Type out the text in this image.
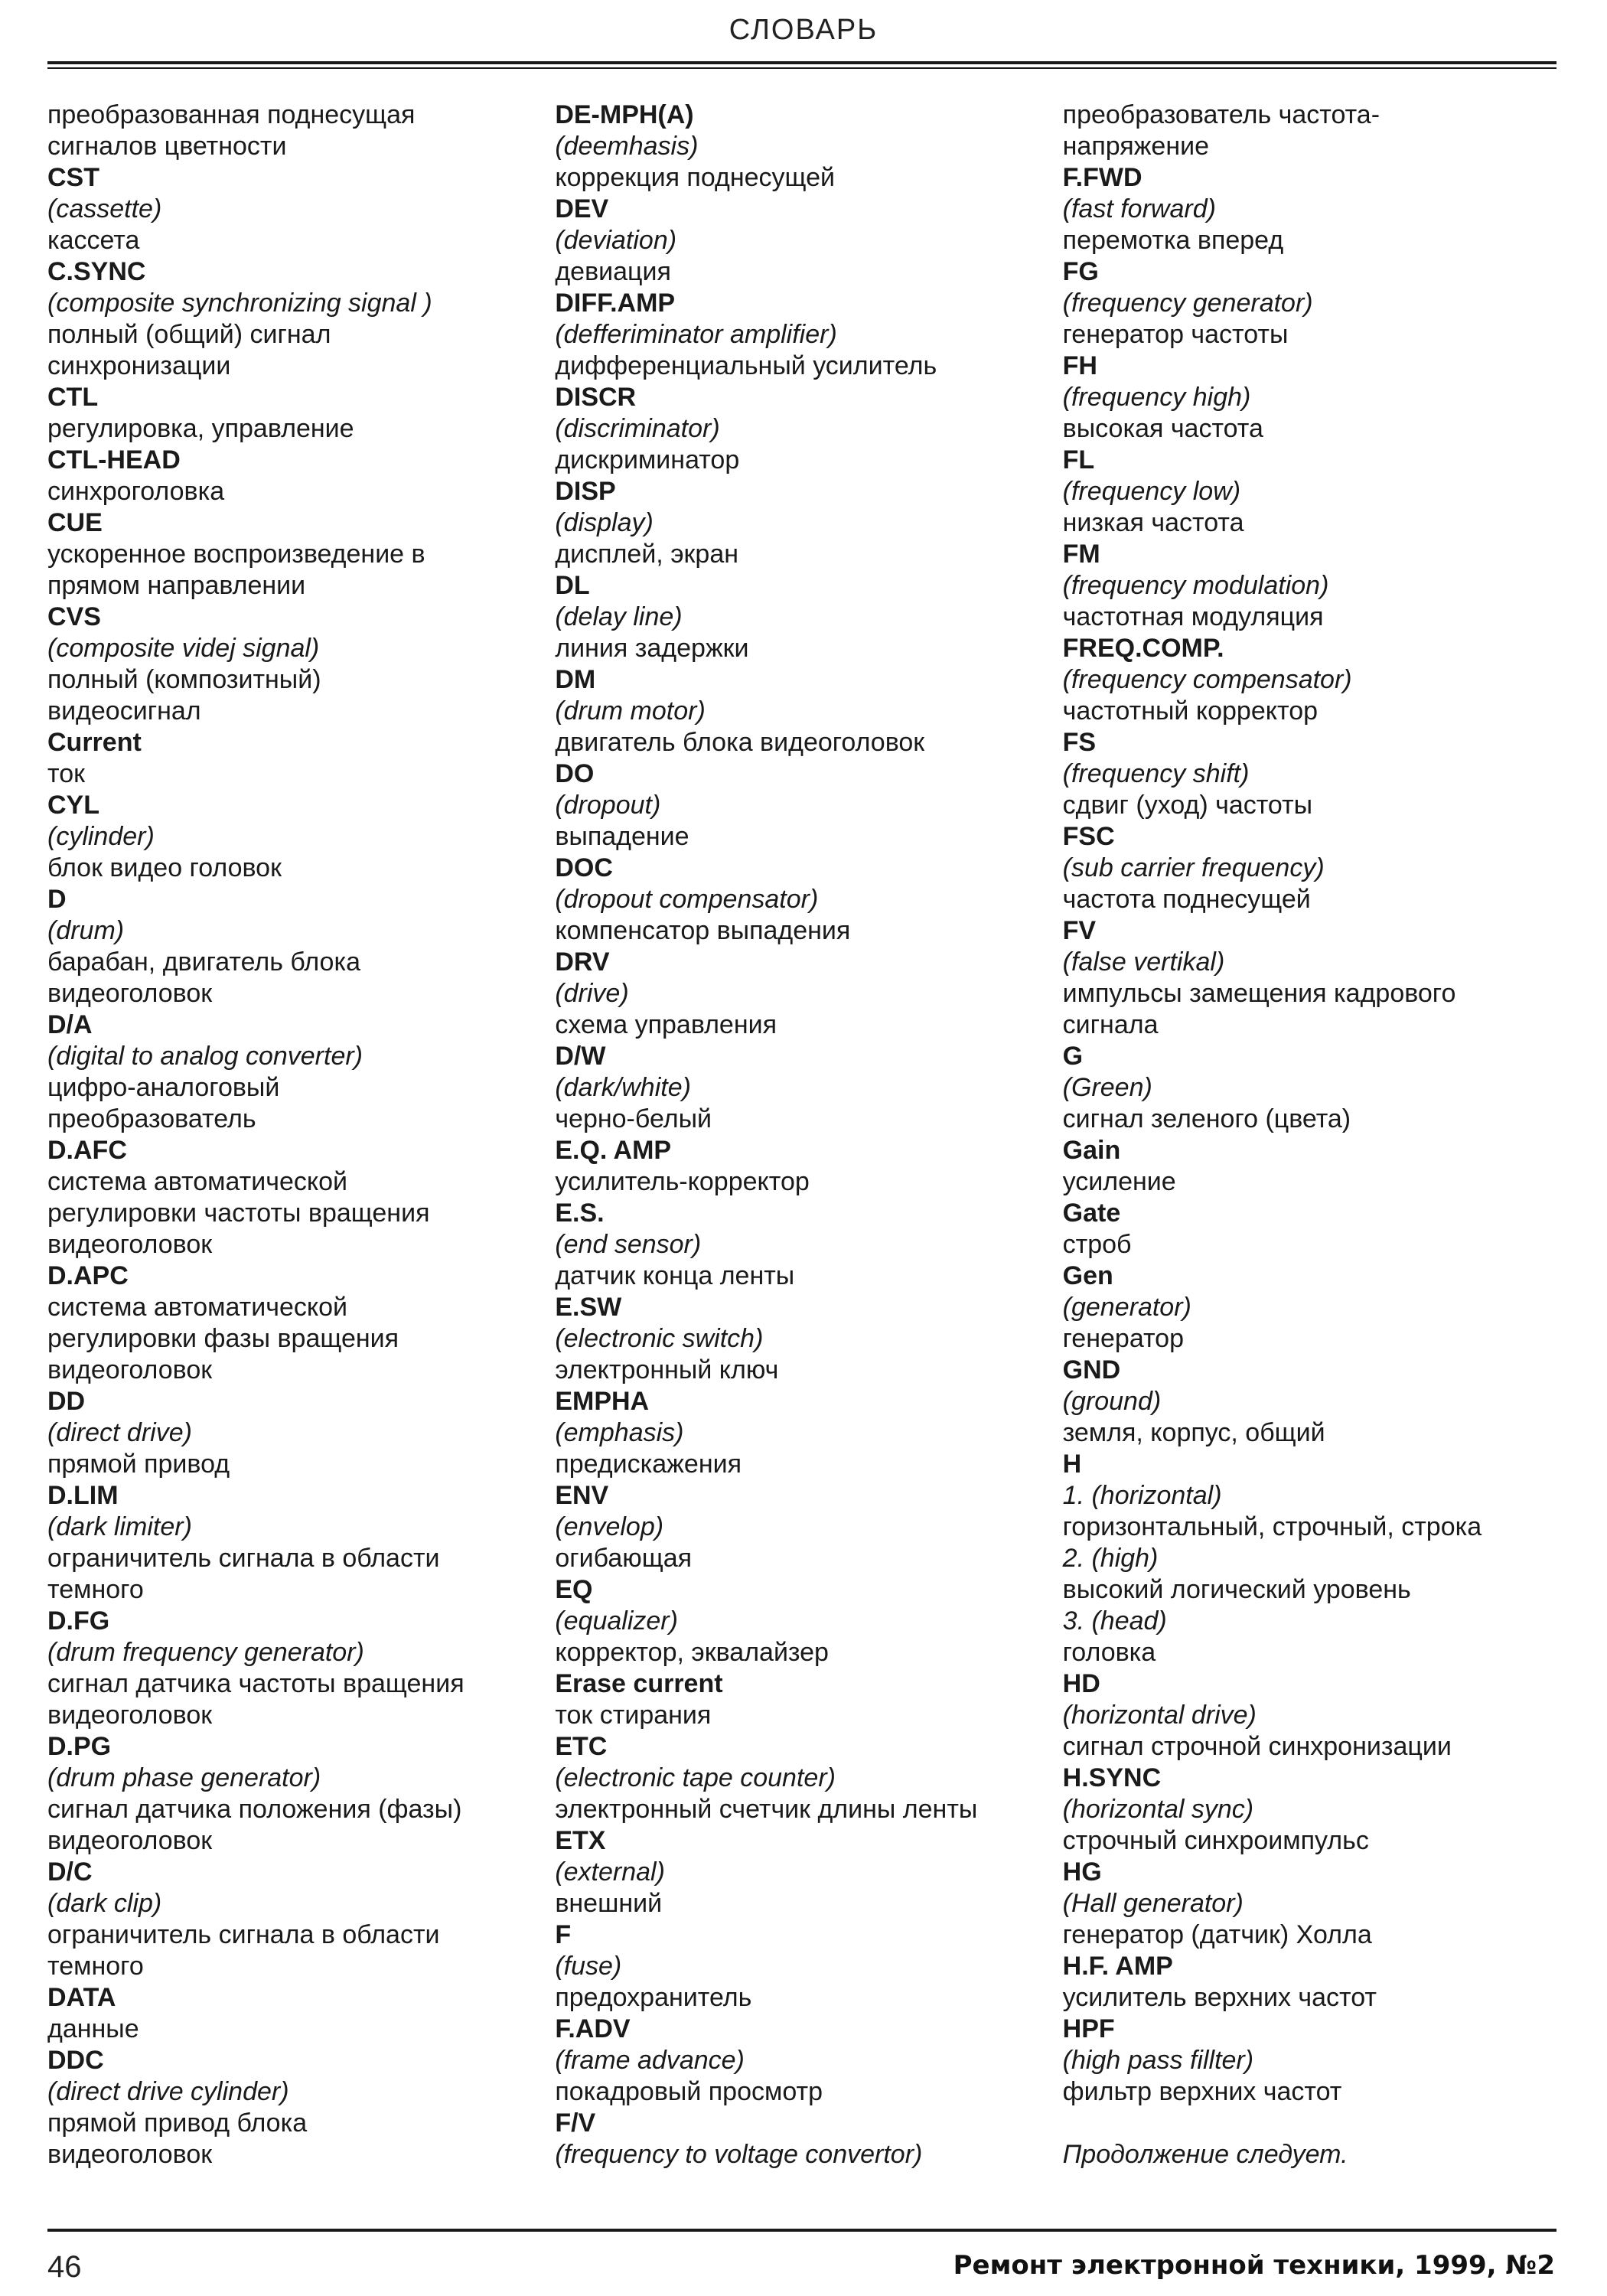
СЛОВАРЬ

преобразованная поднесущая

сигналов цветности

CST

(cassette)

кассета

C.SYNC

(composite synchronizing signal )

полный (общий) сигнал

синхронизации

CTL

регулировка, управление

CTL-HEAD

синхроголовка

CUE

ускоренное воспроизведение в

прямом направлении

CVS

(composite videj signal)

полный (композитный)

видеосигнал

Current

ток

CYL

(cylinder)

блок видео головок

D

(drum)

барабан, двигатель блока

видеоголовок

D/A

(digital to analog converter)

цифро-аналоговый

преобразователь

D.AFC

система автоматической

регулировки частоты вращения

видеоголовок

D.APC

система автоматической

регулировки фазы вращения

видеоголовок

DD

(direct drive)

прямой привод

D.LIM

(dark limiter)

ограничитель сигнала в области

темного

D.FG

(drum frequency generator)

сигнал датчика частоты вращения

видеоголовок

D.PG

(drum phase generator)

сигнал датчика положения (фазы)

видеоголовок

D/C

(dark clip)

ограничитель сигнала в области

темного

DATA

данные

DDC

(direct drive cylinder)

прямой привод блока

видеоголовок

DE-MPH(A)

(deemhasis)

коррекция поднесущей

DEV

(deviation)

девиация

DIFF.AMP

(defferiminator amplifier)

дифференциальный усилитель

DISCR

(discriminator)

дискриминатор

DISP

(display)

дисплей, экран

DL

(delay line)

линия задержки

DM

(drum motor)

двигатель блока видеоголовок

DO

(dropout)

выпадение

DOC

(dropout compensator)

компенсатор выпадения

DRV

(drive)

схема управления

D/W

(dark/white)

черно-белый

E.Q. AMP

усилитель-корректор

E.S.

(end sensor)

датчик конца ленты

E.SW

(electronic switch)

электронный ключ

EMPHA

(emphasis)

предискажения

ENV

(envelop)

огибающая

EQ

(equalizer)

корректор, эквалайзер

Erase current

ток стирания

ETC

(electronic tape counter)

электронный счетчик длины ленты

ETX

(external)

внешний

F

(fuse)

предохранитель

F.ADV

(frame advance)

покадровый просмотр

F/V

(frequency to voltage convertor)

преобразователь частота-

напряжение

F.FWD

(fast forward)

перемотка вперед

FG

(frequency generator)

генератор частоты

FH

(frequency high)

высокая частота

FL

(frequency low)

низкая частота

FM

(frequency modulation)

частотная модуляция

FREQ.COMP.

(frequency compensator)

частотный корректор

FS

(frequency shift)

сдвиг (уход) частоты

FSC

(sub carrier frequency)

частота поднесущей

FV

(false vertikal)

импульсы замещения кадрового

сигнала

G

(Green)

сигнал зеленого (цвета)

Gain

усиление

Gate

строб

Gen

(generator)

генератор

GND

(ground)

земля, корпус, общий

H

1. (horizontal)

горизонтальный, строчный, строка

2. (high)

высокий логический уровень

3. (head)

головка

HD

(horizontal drive)

сигнал строчной синхронизации

H.SYNC

(horizontal sync)

строчный синхроимпульс

HG

(Hall generator)

генератор (датчик) Холла

H.F. AMP

усилитель верхних частот

HPF

(high pass fillter)

фильтр верхних частот

Продолжение следует.

46	Ремонт электронной техники, 1999, №2
